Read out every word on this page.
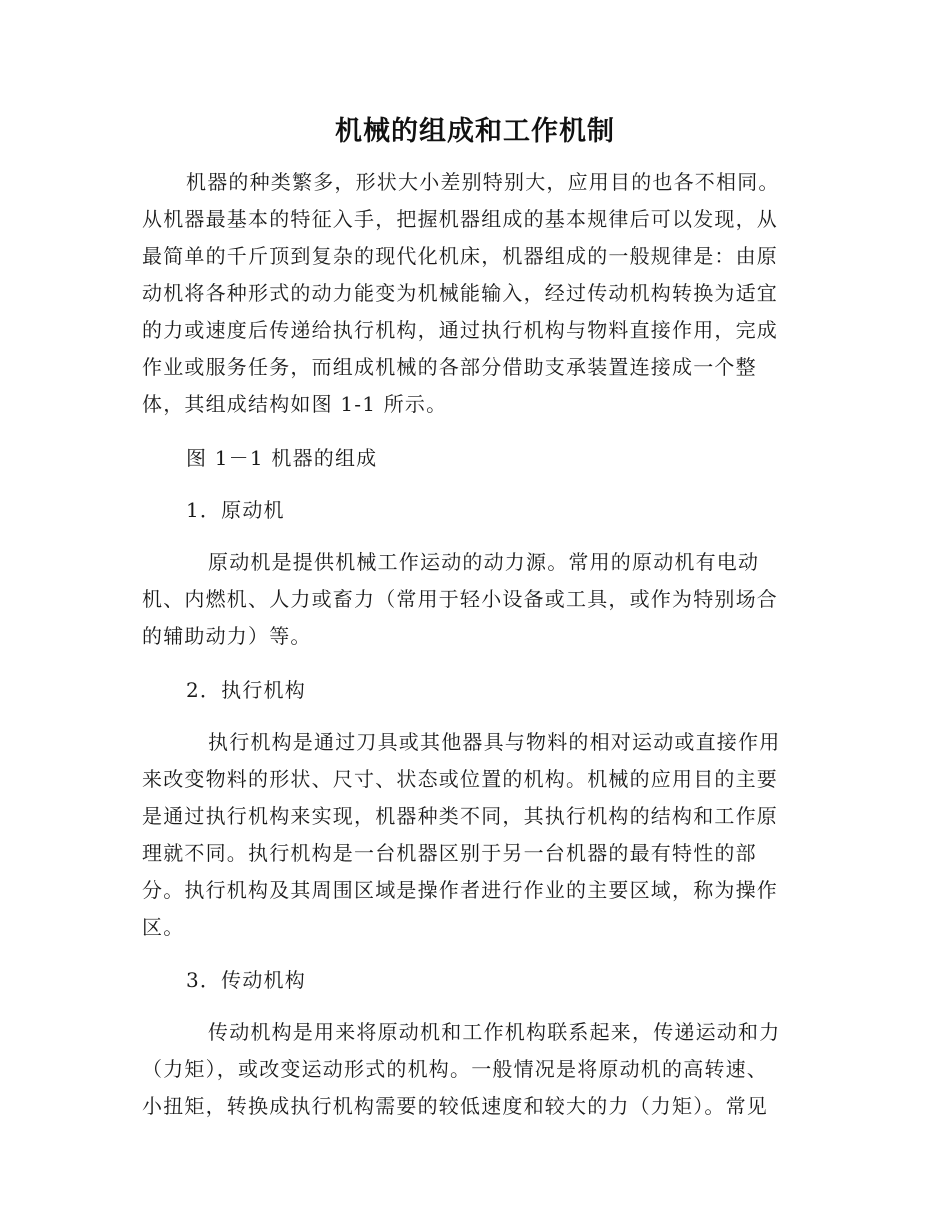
机械的组成和工作机制
机器的种类繁多，形状大小差别特别大，应用目的也各不相同。
从机器最基本的特征入手，把握机器组成的基本规律后可以发现，从
最简单的千斤顶到复杂的现代化机床，机器组成的一般规律是：由原
动机将各种形式的动力能变为机械能输入，经过传动机构转换为适宜
的力或速度后传递给执行机构，通过执行机构与物料直接作用，完成
作业或服务任务，而组成机械的各部分借助支承装置连接成一个整
体，其组成结构如图 1-1 所示。
图 1－1 机器的组成
1．原动机
原动机是提供机械工作运动的动力源。常用的原动机有电动
机、内燃机、人力或畜力（常用于轻小设备或工具，或作为特别场合
的辅助动力）等。
2．执行机构
执行机构是通过刀具或其他器具与物料的相对运动或直接作用
来改变物料的形状、尺寸、状态或位置的机构。机械的应用目的主要
是通过执行机构来实现，机器种类不同，其执行机构的结构和工作原
理就不同。执行机构是一台机器区别于另一台机器的最有特性的部
分。执行机构及其周围区域是操作者进行作业的主要区域，称为操作
区。
3．传动机构
传动机构是用来将原动机和工作机构联系起来，传递运动和力
（力矩），或改变运动形式的机构。一般情况是将原动机的高转速、
小扭矩，转换成执行机构需要的较低速度和较大的力（力矩）。常见
